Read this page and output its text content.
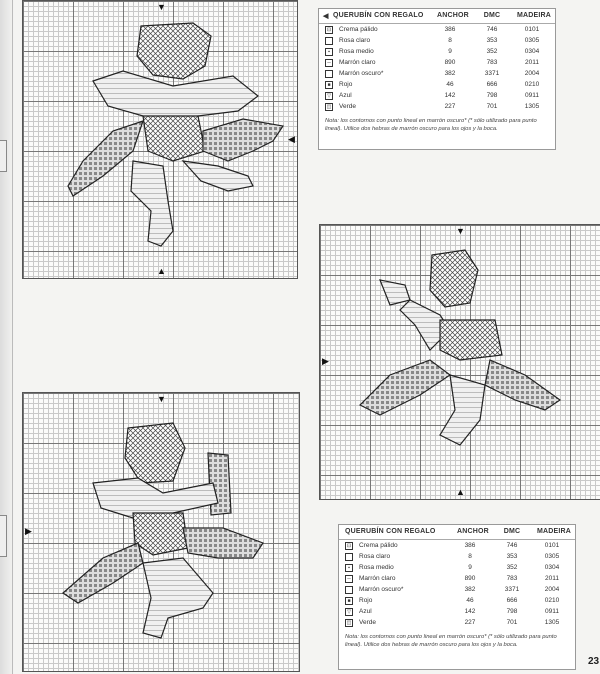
▼
▲
◀
◀ QUERUBÍN CON REGALO ANCHOR	DMC	MADEIRA
⊡ Crema pálido	386	746	0101
Rosa claro	8	353	0305
▪	Rosa medio	9	352	0304
─	Marrón claro	890	783	2011
Marrón oscuro*	382	3371	2004
■	Rojo	46	666	0210
▽	Azul	142	798	0911
◫ Verde	227	701	1305
Nota: los contornos con punto lineal en marrón oscuro* (* sólo utilizado para punto lineal). Utilice dos hebras de marrón oscuro para los ojos y la boca.
▼
▶
▲
▼
▶	QUERUBÍN CON REGALO	ANCHOR	DMC	MADEIRA
⊡ Crema pálido	386	746	0101
Rosa claro	8	353	0305
▪	Rosa medio	9	352	0304
─	Marrón claro	890	783	2011
Marrón oscuro*	382	3371	2004
■	Rojo	46	666	0210
▽	Azul	142	798	0911
◫ Verde	227	701	1305
Nota: los contornos con punto lineal en marrón oscuro* (* sólo utilizado para punto lineal). Utilice dos hebras de marrón oscuro para los ojos y la boca.
23
